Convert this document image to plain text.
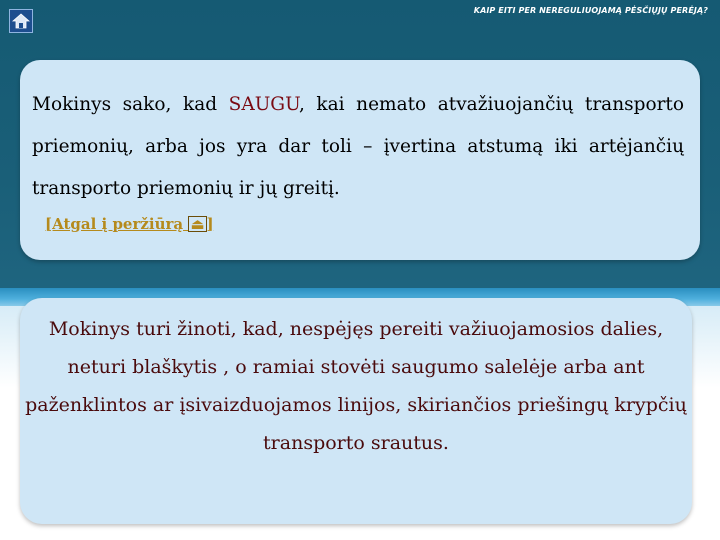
KAIP EITI PER NEREGULIUOJAMĄ PĖSČIŲJŲ PERĖJĄ?

Mokinys sako, kad SAUGU, kai nemato atvažiuojančių transporto priemonių, arba jos yra dar toli – įvertina atstumą iki artėjančių transporto priemonių ir jų greitį.

[Atgal į peržiūrą ⏏ ]

Mokinys turi žinoti, kad, nespėjęs pereiti važiuojamosios dalies, neturi blaškytis , o ramiai stovėti saugumo salelėje arba ant paženklintos ar įsivaizduojamos linijos, skiriančios priešingų krypčių transporto srautus.
